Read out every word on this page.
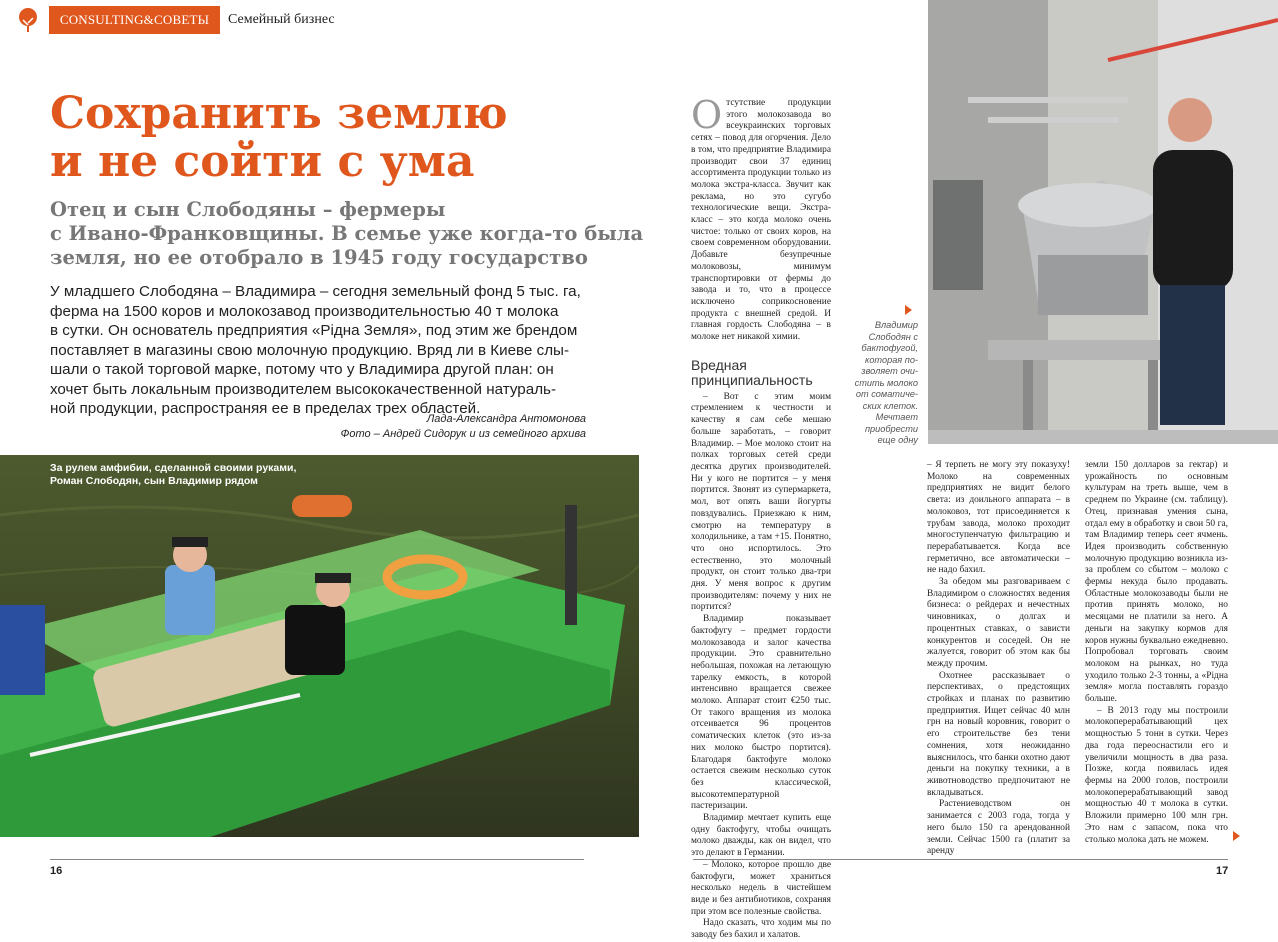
CONSULTING&СОВЕТЫ	Семейный бизнес
Сохранить землю
и не сойти с ума
Отец и сын Слободяны – фермеры
с Ивано-Франковщины. В семье уже когда-то была
земля, но ее отобрало в 1945 году государство
У младшего Слободяна – Владимира – сегодня земельный фонд 5 тыс. га,
ферма на 1500 коров и молокозавод производительностью 40 т молока
в сутки. Он основатель предприятия «Рідна Земля», под этим же брендом
поставляет в магазины свою молочную продукцию. Вряд ли в Киеве слы-
шали о такой торговой марке, потому что у Владимира другой план: он
хочет быть локальным производителем высококачественной натураль-
ной продукции, распространяя ее в пределах трех областей.
Лада-Александра Антомонова
Фото – Андрей Сидорук и из семейного архива
За рулем амфибии, сделанной своими руками,
Роман Слободян, сын Владимир рядом
16

Отсутствие продукции этого молокозавода во всеукраинских торговых сетях – повод для огорчения. Дело в том, что предприятие Владимира производит свои 37 единиц ассортимента продукции только из молока экстра-класса. Звучит как реклама, но это сугубо технологические вещи. Экстра-класс – это когда молоко очень чистое: только от своих коров, на своем современном оборудовании. Добавьте безупречные молоковозы, минимум транспортировки от фермы до завода и то, что в процессе исключено соприкосновение продукта с внешней средой. И главная гордость Слободяна – в молоке нет никакой химии.

Вредная принципиальность

– Вот с этим моим стремлением к честности и качеству я сам себе мешаю больше заработать, – говорит Владимир. – Мое молоко стоит на полках торговых сетей среди десятка других производителей. Ни у кого не портится – у меня портится. Звонят из супермаркета, мол, вот опять ваши йогурты повздувались. Приезжаю к ним, смотрю на температуру в холодильнике, а там +15. Понятно, что оно испортилось. Это естественно, это молочный продукт, он стоит только два-три дня. У меня вопрос к другим производителям: почему у них не портится?

Владимир показывает бактофугу – предмет гордости молокозавода и залог качества продукции. Это сравнительно небольшая, похожая на летающую тарелку емкость, в которой интенсивно вращается свежее молоко. Аппарат стоит €250 тыс. От такого вращения из молока отсеивается 96 процентов соматических клеток (это из-за них молоко быстро портится). Благодаря бактофуге молоко остается свежим несколько суток без классической, высокотемпературной пастеризации.

Владимир мечтает купить еще одну бактофугу, чтобы очищать молоко дважды, как он видел, что это делают в Германии.

– Молоко, которое прошло две бактофуги, может храниться несколько недель в чистейшем виде и без антибиотиков, сохраняя при этом все полезные свойства.

Надо сказать, что ходим мы по заводу без бахил и халатов.

Владимир
Слободян с
бактофугой,
которая по-
зволяет очи-
стить молоко
от соматиче-
ских клеток.
Мечтает
приобрести
еще одну

– Я терпеть не могу эту показуху! Молоко на современных предприятиях не видит белого света: из доильного аппарата – в молоковоз, тот присоединяется к трубам завода, молоко проходит многоступенчатую фильтрацию и перерабатывается. Когда все герметично, все автоматически – не надо бахил.

За обедом мы разговариваем с Владимиром о сложностях ведения бизнеса: о рейдерах и нечестных чиновниках, о долгах и процентных ставках, о зависти конкурентов и соседей. Он не жалуется, говорит об этом как бы между прочим.

Охотнее рассказывает о перспективах, о предстоящих стройках и планах по развитию предприятия. Ищет сейчас 40 млн грн на новый коровник, говорит о его строительстве без тени сомнения, хотя неожиданно выяснилось, что банки охотно дают деньги на покупку техники, а в животноводство предпочитают не вкладываться.

Растениеводством он занимается с 2003 года, тогда у него было 150 га арендованной земли. Сейчас 1500 га (платит за аренду

земли 150 долларов за гектар) и урожайность по основным культурам на треть выше, чем в среднем по Украине (см. таблицу). Отец, признавая умения сына, отдал ему в обработку и свои 50 га, там Владимир теперь сеет ячмень. Идея производить собственную молочную продукцию возникла из-за проблем со сбытом – молоко с фермы некуда было продавать. Областные молокозаводы были не против принять молоко, но месяцами не платили за него. А деньги на закупку кормов для коров нужны буквально ежедневно. Попробовал торговать своим молоком на рынках, но туда уходило только 2-3 тонны, а «Рідна земля» могла поставлять гораздо больше.

– В 2013 году мы построили молокоперерабатывающий цех мощностью 5 тонн в сутки. Через два года переоснастили его и увеличили мощность в два раза. Позже, когда появилась идея фермы на 2000 голов, построили молокоперерабатывающий завод мощностью 40 т молока в сутки. Вложили примерно 100 млн грн. Это нам с запасом, пока что столько молока дать не можем.

17
